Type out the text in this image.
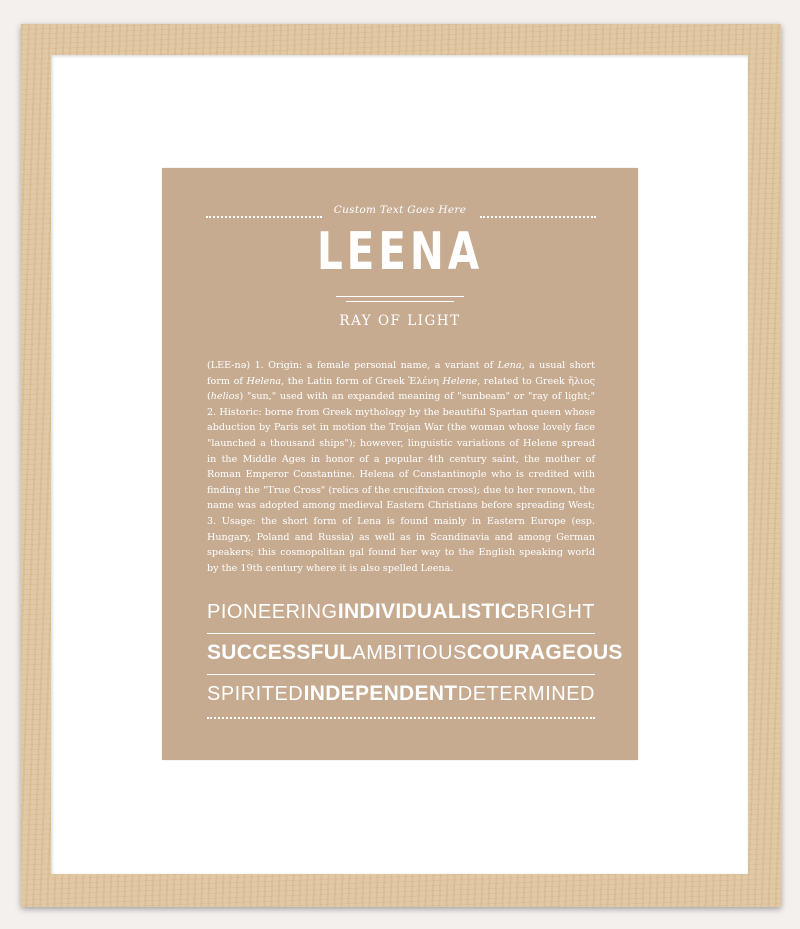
Custom Text Goes Here
LEENA
RAY OF LIGHT
(LEE-nə) 1. Origin: a female personal name, a variant of Lena, a usual short form of Helena, the Latin form of Greek Ἑλένη Helene, related to Greek ἥλιος (helios) "sun," used with an expanded meaning of "sunbeam" or "ray of light;" 2. Historic: borne from Greek mythology by the beautiful Spartan queen whose abduction by Paris set in motion the Trojan War (the woman whose lovely face "launched a thousand ships"); however, linguistic variations of Helene spread in the Middle Ages in honor of a popular 4th century saint, the mother of Roman Emperor Constantine. Helena of Constantinople who is credited with finding the "True Cross" (relics of the crucifixion cross); due to her renown, the name was adopted among medieval Eastern Christians before spreading West; 3. Usage: the short form of Lena is found mainly in Eastern Europe (esp. Hungary, Poland and Russia) as well as in Scandinavia and among German speakers; this cosmopolitan gal found her way to the English speaking world by the 19th century where it is also spelled Leena.
PIONEERING INDIVIDUALISTIC BRIGHT
SUCCESSFUL AMBITIOUS COURAGEOUS
SPIRITED INDEPENDENT DETERMINED
